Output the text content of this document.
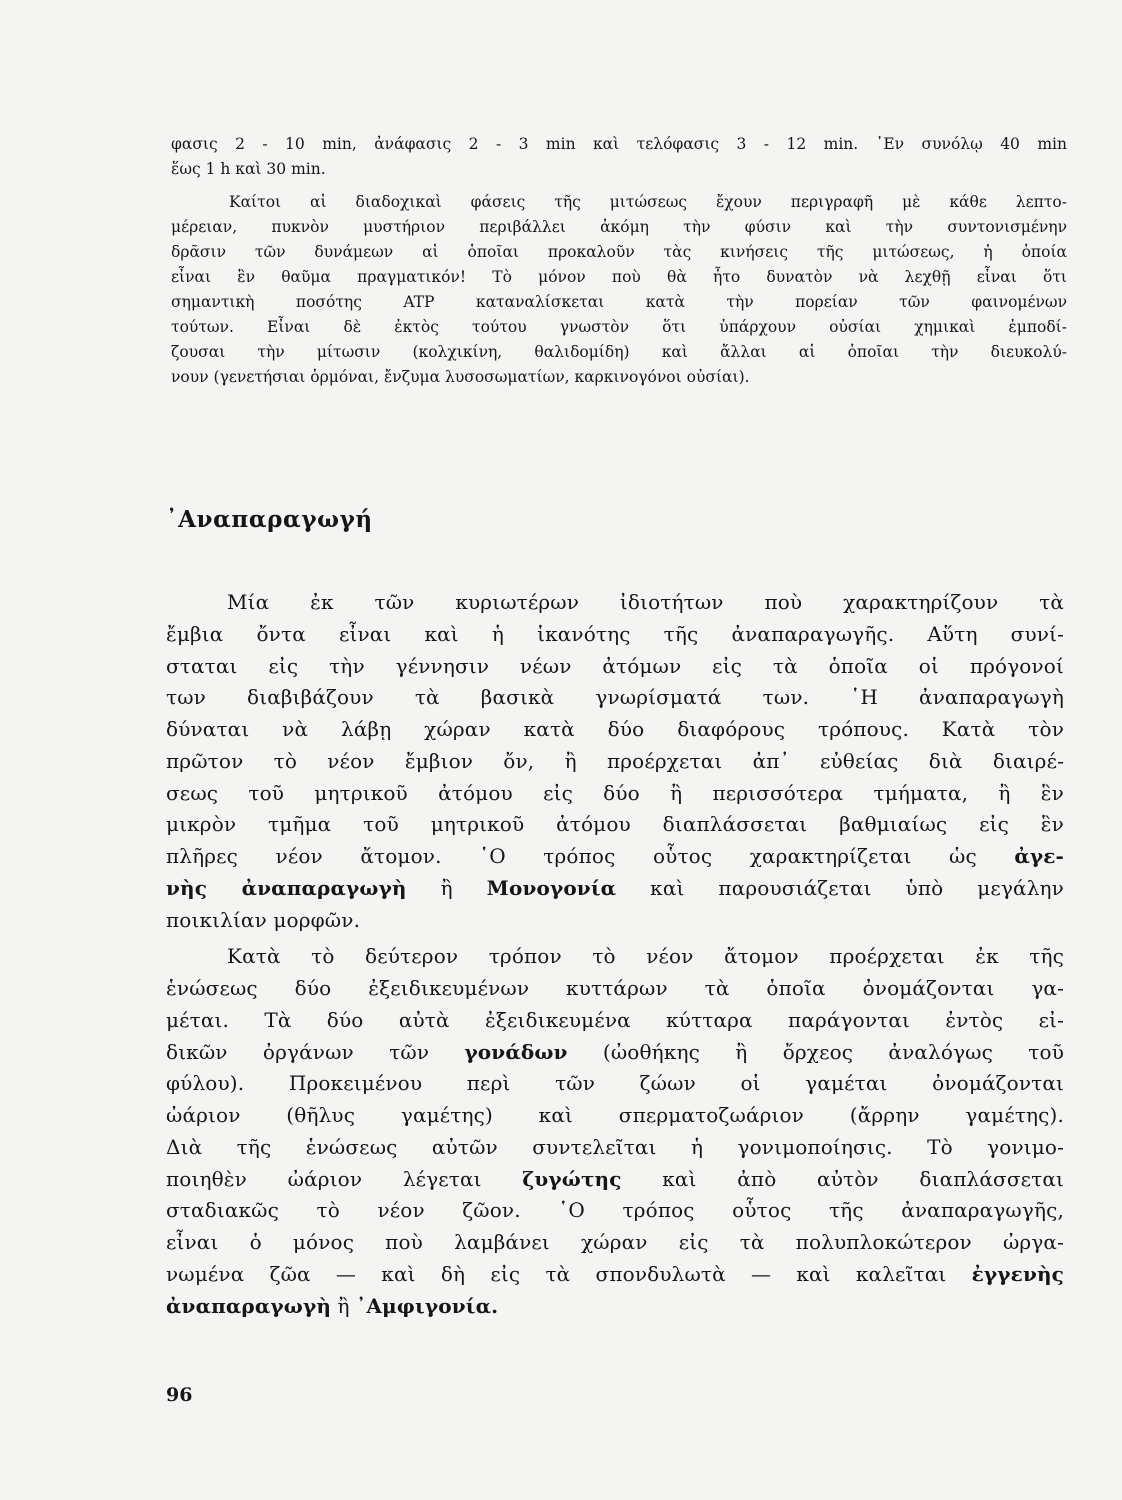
φασις 2 - 10 min, ἀνάφασις 2 - 3 min καὶ τελόφασις 3 - 12 min. ᾿Εν συνόλῳ 40 min
ἕως 1 h καὶ 30 min.
Καίτοι αἱ διαδοχικαὶ φάσεις τῆς μιτώσεως ἔχουν περιγραφῆ μὲ κάθε λεπτο-
μέρειαν, πυκνὸν μυστήριον περιβάλλει ἀκόμη τὴν φύσιν καὶ τὴν συντονισμένην
δρᾶσιν τῶν δυνάμεων αἱ ὁποῖαι προκαλοῦν τὰς κινήσεις τῆς μιτώσεως, ἡ ὁποία
εἶναι ἓν θαῦμα πραγματικόν! Τὸ μόνον ποὺ θὰ ἦτο δυνατὸν νὰ λεχθῇ εἶναι ὅτι
σημαντικὴ ποσότης ATP καταναλίσκεται κατὰ τὴν πορείαν τῶν φαινομένων
τούτων. Εἶναι δὲ ἐκτὸς τούτου γνωστὸν ὅτι ὑπάρχουν οὐσίαι χημικαὶ ἐμποδί-
ζουσαι τὴν μίτωσιν (κολχικίνη, θαλιδομίδη) καὶ ἄλλαι αἱ ὁποῖαι τὴν διευκολύ-
νουν (γενετήσιαι ὁρμόναι, ἔνζυμα λυσοσωματίων, καρκινογόνοι οὐσίαι).
᾿Αναπαραγωγή
Μία ἐκ τῶν κυριωτέρων ἰδιοτήτων ποὺ χαρακτηρίζουν τὰ
ἔμβια ὄντα εἶναι καὶ ἡ ἱκανότης τῆς ἀναπαραγωγῆς. Αὕτη συνί-
σταται εἰς τὴν γέννησιν νέων ἀτόμων εἰς τὰ ὁποῖα οἱ πρόγονοί
των διαβιβάζουν τὰ βασικὰ γνωρίσματά των. ῾Η ἀναπαραγωγὴ
δύναται νὰ λάβῃ χώραν κατὰ δύο διαφόρους τρόπους. Κατὰ τὸν
πρῶτον τὸ νέον ἔμβιον ὄν, ἢ προέρχεται ἀπ᾿ εὐθείας διὰ διαιρέ-
σεως τοῦ μητρικοῦ ἀτόμου εἰς δύο ἢ περισσότερα τμήματα, ἢ ἓν
μικρὸν τμῆμα τοῦ μητρικοῦ ἀτόμου διαπλάσσεται βαθμιαίως εἰς ἓν
πλῆρες νέον ἄτομον. ῾Ο τρόπος οὗτος χαρακτηρίζεται ὡς ἀγε-
νὴς ἀναπαραγωγὴ ἢ Μονογονία καὶ παρουσιάζεται ὑπὸ μεγάλην
ποικιλίαν μορφῶν.
Κατὰ τὸ δεύτερον τρόπον τὸ νέον ἄτομον προέρχεται ἐκ τῆς
ἑνώσεως δύο ἐξειδικευμένων κυττάρων τὰ ὁποῖα ὀνομάζονται γα-
μέται. Τὰ δύο αὐτὰ ἐξειδικευμένα κύτταρα παράγονται ἐντὸς εἰ-
δικῶν ὀργάνων τῶν γονάδων (ὠοθήκης ἢ ὄρχεος ἀναλόγως τοῦ
φύλου). Προκειμένου περὶ τῶν ζώων οἱ γαμέται ὀνομάζονται
ὠάριον (θῆλυς γαμέτης) καὶ σπερματοζωάριον (ἄρρην γαμέτης).
Διὰ τῆς ἑνώσεως αὐτῶν συντελεῖται ἡ γονιμοποίησις. Τὸ γονιμο-
ποιηθὲν ὠάριον λέγεται ζυγώτης καὶ ἀπὸ αὐτὸν διαπλάσσεται
σταδιακῶς τὸ νέον ζῶον. ῾Ο τρόπος οὗτος τῆς ἀναπαραγωγῆς,
εἶναι ὁ μόνος ποὺ λαμβάνει χώραν εἰς τὰ πολυπλοκώτερον ὠργα-
νωμένα ζῶα — καὶ δὴ εἰς τὰ σπονδυλωτὰ — καὶ καλεῖται ἐγγενὴς
ἀναπαραγωγὴ ἢ ᾿Αμφιγονία.
96
